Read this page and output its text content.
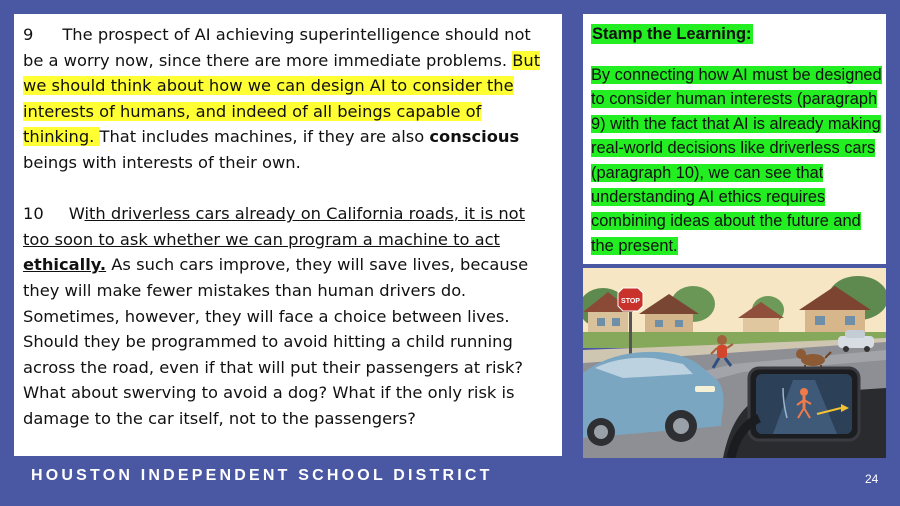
9 The prospect of AI achieving superintelligence should not be a worry now, since there are more immediate problems. But we should think about how we can design AI to consider the interests of humans, and indeed of all beings capable of thinking. That includes machines, if they are also conscious beings with interests of their own.

10 With driverless cars already on California roads, it is not too soon to ask whether we can program a machine to act ethically. As such cars improve, they will save lives, because they will make fewer mistakes than human drivers do. Sometimes, however, they will face a choice between lives. Should they be programmed to avoid hitting a child running across the road, even if that will put their passengers at risk? What about swerving to avoid a dog? What if the only risk is damage to the car itself, not to the passengers?

Stamp the Learning:
By connecting how AI must be designed to consider human interests (paragraph 9) with the fact that AI is already making real-world decisions like driverless cars (paragraph 10), we can see that understanding AI ethics requires combining ideas about the future and the present.
STOP
HOUSTON INDEPENDENT SCHOOL DISTRICT	24
